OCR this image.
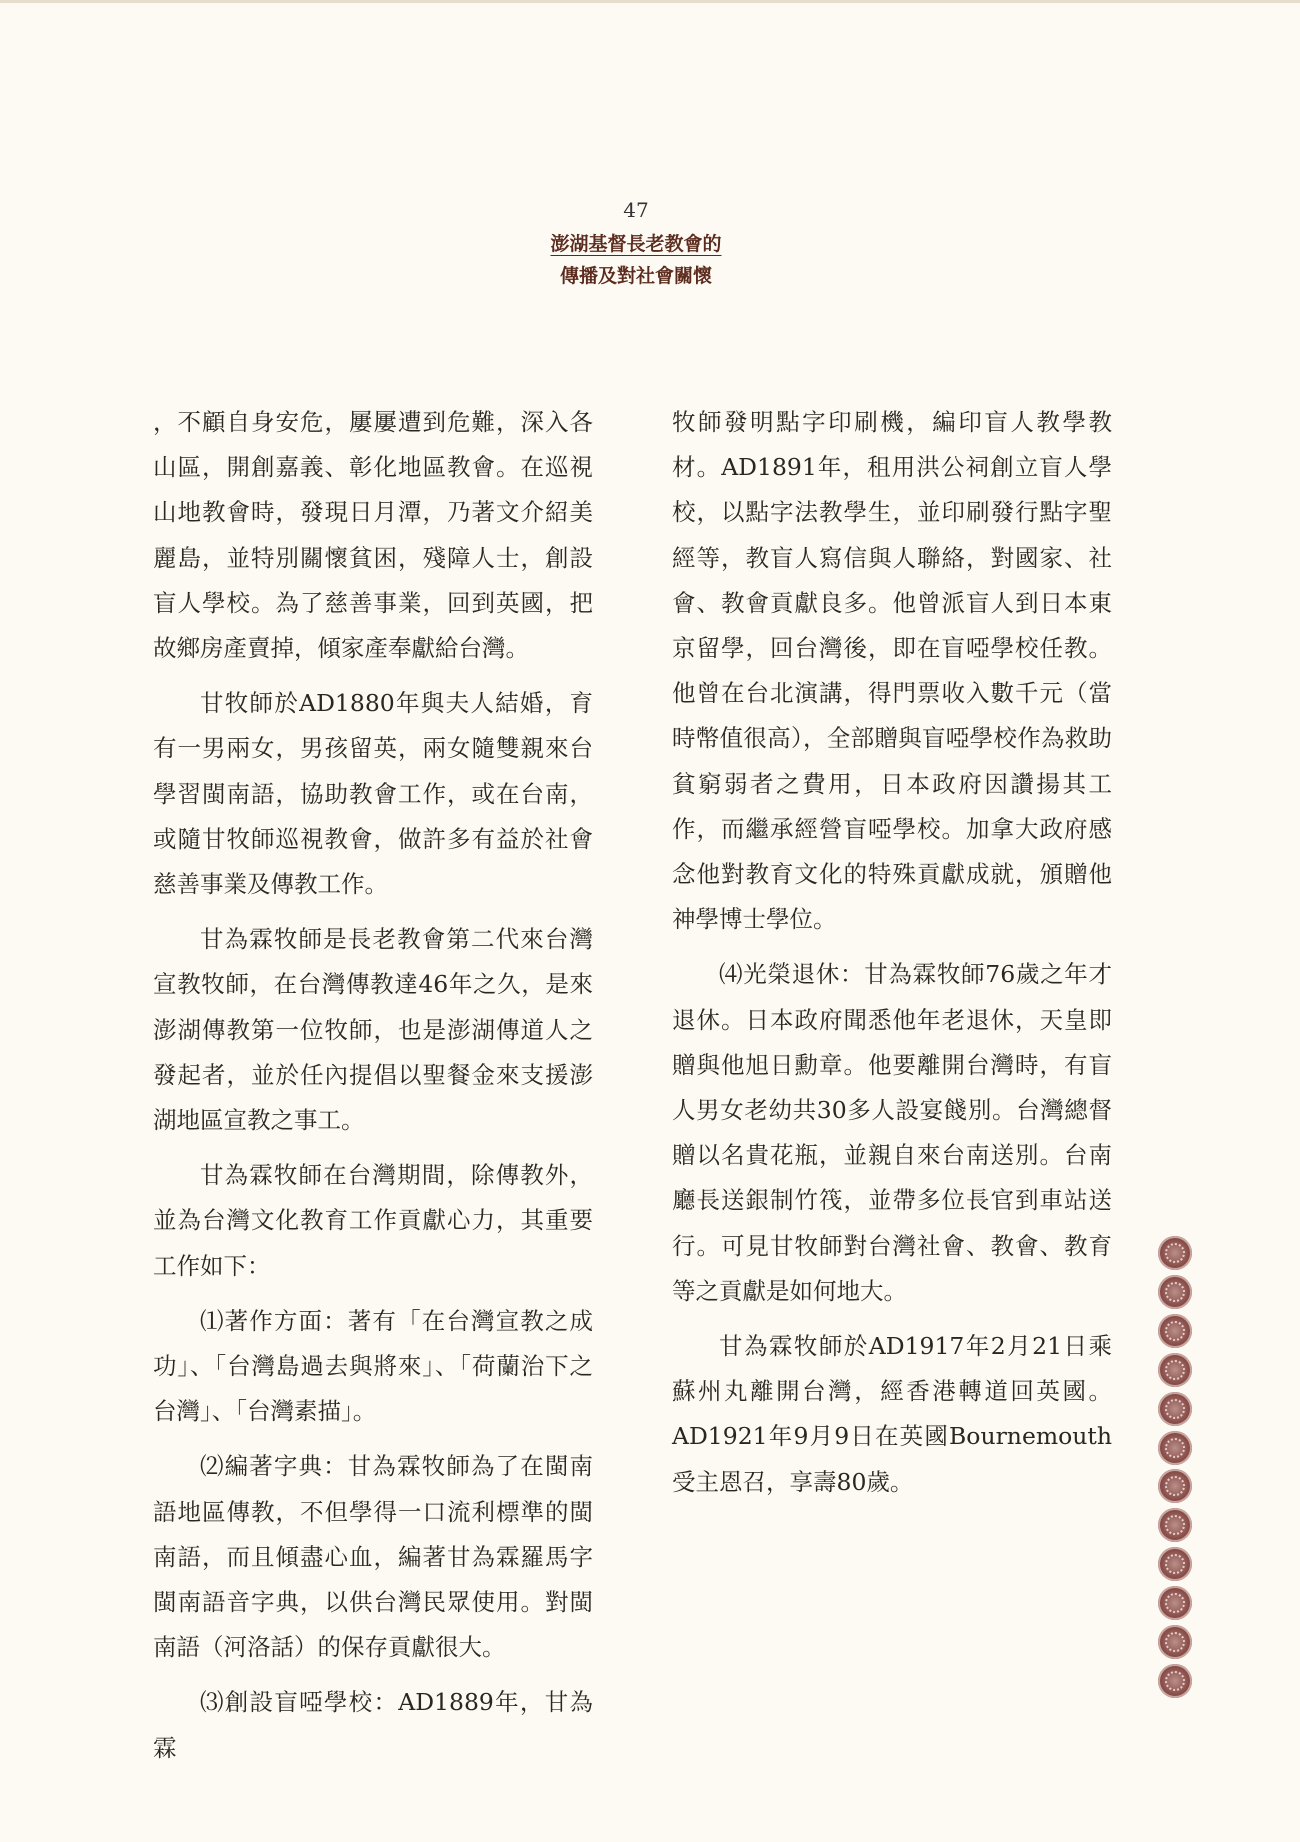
47
澎湖基督長老教會的
傳播及對社會關懷

，不顧自身安危，屢屢遭到危難，深入各山區，開創嘉義、彰化地區教會。在巡視山地教會時，發現日月潭，乃著文介紹美麗島，並特別關懷貧困，殘障人士，創設盲人學校。為了慈善事業，回到英國，把故鄉房產賣掉，傾家產奉獻給台灣。

甘牧師於AD1880年與夫人結婚，育有一男兩女，男孩留英，兩女隨雙親來台學習閩南語，協助教會工作，或在台南，或隨甘牧師巡視教會，做許多有益於社會慈善事業及傳教工作。

甘為霖牧師是長老教會第二代來台灣宣教牧師，在台灣傳教達46年之久，是來澎湖傳教第一位牧師，也是澎湖傳道人之發起者，並於任內提倡以聖餐金來支援澎湖地區宣教之事工。

甘為霖牧師在台灣期間，除傳教外，並為台灣文化教育工作貢獻心力，其重要工作如下：

⑴著作方面：著有「在台灣宣教之成功」、「台灣島過去與將來」、「荷蘭治下之台灣」、「台灣素描」。

⑵編著字典：甘為霖牧師為了在閩南語地區傳教，不但學得一口流利標準的閩南語，而且傾盡心血，編著甘為霖羅馬字閩南語音字典，以供台灣民眾使用。對閩南語（河洛話）的保存貢獻很大。

⑶創設盲啞學校：AD1889年，甘為霖

牧師發明點字印刷機，編印盲人教學教材。AD1891年，租用洪公祠創立盲人學校，以點字法教學生，並印刷發行點字聖經等，教盲人寫信與人聯絡，對國家、社會、教會貢獻良多。他曾派盲人到日本東京留學，回台灣後，即在盲啞學校任教。他曾在台北演講，得門票收入數千元（當時幣值很高），全部贈與盲啞學校作為救助貧窮弱者之費用，日本政府因讚揚其工作，而繼承經營盲啞學校。加拿大政府感念他對教育文化的特殊貢獻成就，頒贈他神學博士學位。

⑷光榮退休：甘為霖牧師76歲之年才退休。日本政府聞悉他年老退休，天皇即贈與他旭日勳章。他要離開台灣時，有盲人男女老幼共30多人設宴餞別。台灣總督贈以名貴花瓶，並親自來台南送別。台南廳長送銀制竹筏，並帶多位長官到車站送行。可見甘牧師對台灣社會、教會、教育等之貢獻是如何地大。

甘為霖牧師於AD1917年2月21日乘蘇州丸離開台灣，經香港轉道回英國。AD1921年9月9日在英國Bournemouth受主恩召，享壽80歲。
